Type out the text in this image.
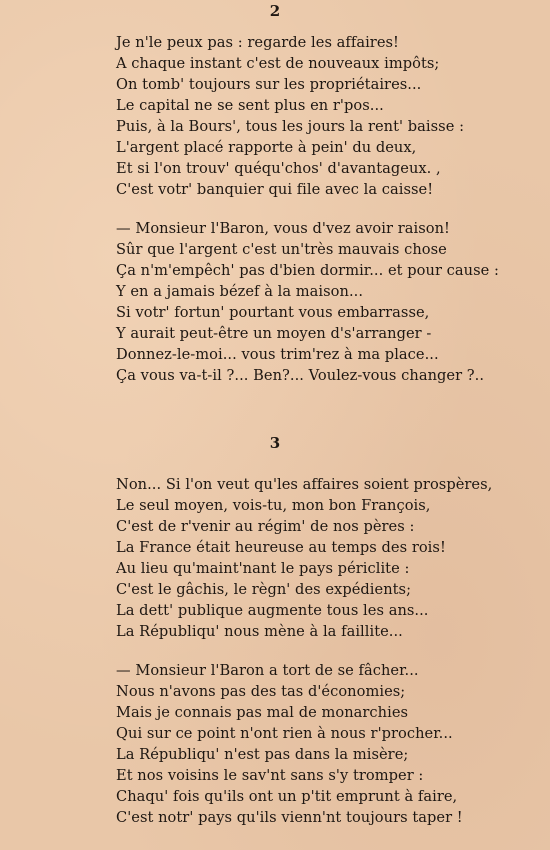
2
Je n'le peux pas : regarde les affaires!
A chaque instant c'est de nouveaux impôts;
On tomb' toujours sur les propriétaires...
Le capital ne se sent plus en r'pos...
Puis, à la Bours', tous les jours la rent' baisse :
L'argent placé rapporte à pein' du deux,
Et si l'on trouv' quéqu'chos' d'avantageux. ,
C'est votr' banquier qui file avec la caisse!
— Monsieur l'Baron, vous d'vez avoir raison!
Sûr que l'argent c'est un'très mauvais chose
Ça n'm'empêch' pas d'bien dormir... et pour cause :
Y en a jamais bézef à la maison...
Si votr' fortun' pourtant vous embarrasse,
Y aurait peut-être un moyen d's'arranger -
Donnez-le-moi... vous trim'rez à ma place...
Ça vous va-t-il ?... Ben?... Voulez-vous changer ?..
3
Non... Si l'on veut qu'les affaires soient prospères,
Le seul moyen, vois-tu, mon bon François,
C'est de r'venir au régim' de nos pères :
La France était heureuse au temps des rois!
Au lieu qu'maint'nant le pays périclite :
C'est le gâchis, le règn' des expédients;
La dett' publique augmente tous les ans...
La Républiqu' nous mène à la faillite...
— Monsieur l'Baron a tort de se fâcher...
Nous n'avons pas des tas d'économies;
Mais je connais pas mal de monarchies
Qui sur ce point n'ont rien à nous r'procher...
La Républiqu' n'est pas dans la misère;
Et nos voisins le sav'nt sans s'y tromper :
Chaqu' fois qu'ils ont un p'tit emprunt à faire,
C'est notr' pays qu'ils vienn'nt toujours taper !
